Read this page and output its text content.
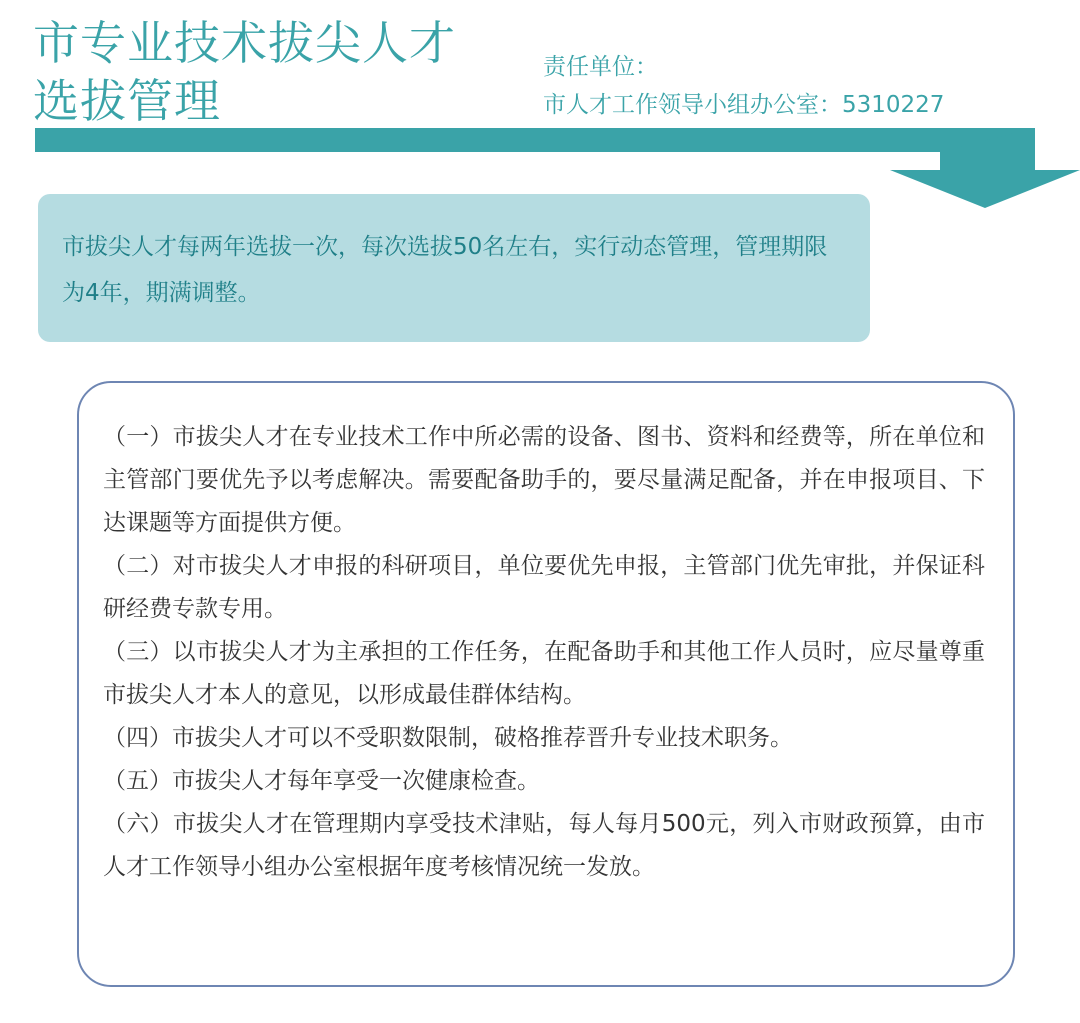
市专业技术拔尖人才
选拔管理
责任单位：
市人才工作领导小组办公室：5310227
市拔尖人才每两年选拔一次，每次选拔50名左右，实行动态管理，管理期限为4年，期满调整。

（一）市拔尖人才在专业技术工作中所必需的设备、图书、资料和经费等，所在单位和主管部门要优先予以考虑解决。需要配备助手的，要尽量满足配备，并在申报项目、下达课题等方面提供方便。

（二）对市拔尖人才申报的科研项目，单位要优先申报，主管部门优先审批，并保证科研经费专款专用。

（三）以市拔尖人才为主承担的工作任务，在配备助手和其他工作人员时，应尽量尊重市拔尖人才本人的意见，以形成最佳群体结构。

（四）市拔尖人才可以不受职数限制，破格推荐晋升专业技术职务。

（五）市拔尖人才每年享受一次健康检查。

（六）市拔尖人才在管理期内享受技术津贴，每人每月500元，列入市财政预算，由市人才工作领导小组办公室根据年度考核情况统一发放。
